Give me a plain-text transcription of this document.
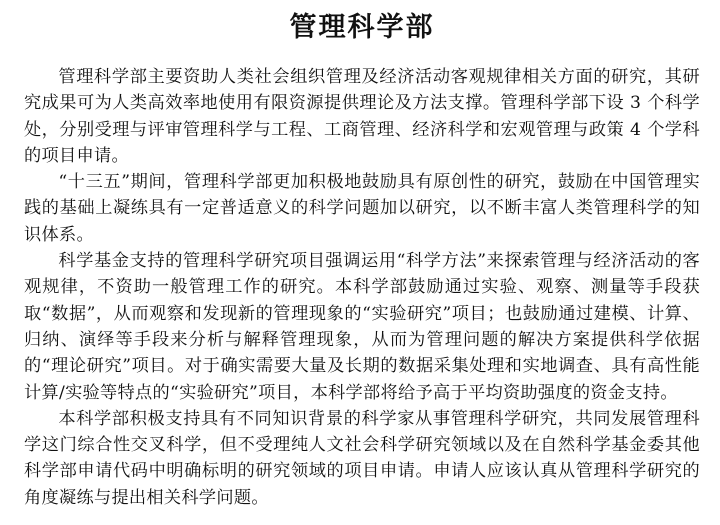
管理科学部

管理科学部主要资助人类社会组织管理及经济活动客观规律相关方面的研究，其研究成果可为人类高效率地使用有限资源提供理论及方法支撑。管理科学部下设 3 个科学处，分别受理与评审管理科学与工程、工商管理、经济科学和宏观管理与政策 4 个学科的项目申请。

“十三五”期间，管理科学部更加积极地鼓励具有原创性的研究，鼓励在中国管理实践的基础上凝练具有一定普适意义的科学问题加以研究，以不断丰富人类管理科学的知识体系。

科学基金支持的管理科学研究项目强调运用“科学方法”来探索管理与经济活动的客观规律，不资助一般管理工作的研究。本科学部鼓励通过实验、观察、测量等手段获取“数据”，从而观察和发现新的管理现象的“实验研究”项目；也鼓励通过建模、计算、归纳、演绎等手段来分析与解释管理现象，从而为管理问题的解决方案提供科学依据的“理论研究”项目。对于确实需要大量及长期的数据采集处理和实地调查、具有高性能计算/实验等特点的“实验研究”项目，本科学部将给予高于平均资助强度的资金支持。

本科学部积极支持具有不同知识背景的科学家从事管理科学研究，共同发展管理科学这门综合性交叉科学，但不受理纯人文社会科学研究领域以及在自然科学基金委其他科学部申请代码中明确标明的研究领域的项目申请。申请人应该认真从管理科学研究的角度凝练与提出相关科学问题。
